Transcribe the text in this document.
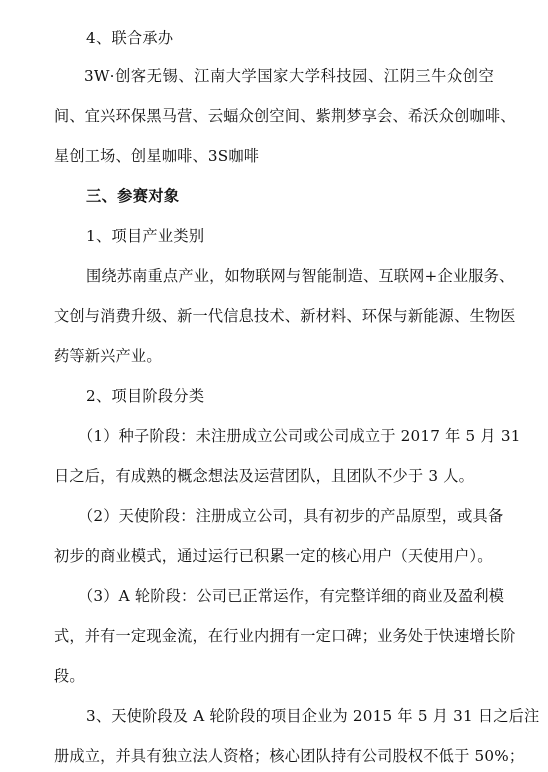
4、联合承办
3W·创客无锡、江南大学国家大学科技园、江阴三牛众创空
间、宜兴环保黑马营、云蝠众创空间、紫荆梦享会、希沃众创咖啡、
星创工场、创星咖啡、3S咖啡
三、参赛对象
1、项目产业类别
围绕苏南重点产业，如物联网与智能制造、互联网+企业服务、
文创与消费升级、新一代信息技术、新材料、环保与新能源、生物医
药等新兴产业。
2、项目阶段分类
（1）种子阶段：未注册成立公司或公司成立于 2017 年 5 月 31
日之后，有成熟的概念想法及运营团队，且团队不少于 3 人。
（2）天使阶段：注册成立公司，具有初步的产品原型，或具备
初步的商业模式，通过运行已积累一定的核心用户（天使用户）。
（3）A 轮阶段：公司已正常运作，有完整详细的商业及盈利模
式，并有一定现金流，在行业内拥有一定口碑；业务处于快速增长阶
段。
3、天使阶段及 A 轮阶段的项目企业为 2015 年 5 月 31 日之后注
册成立，并具有独立法人资格；核心团队持有公司股权不低于 50%；
